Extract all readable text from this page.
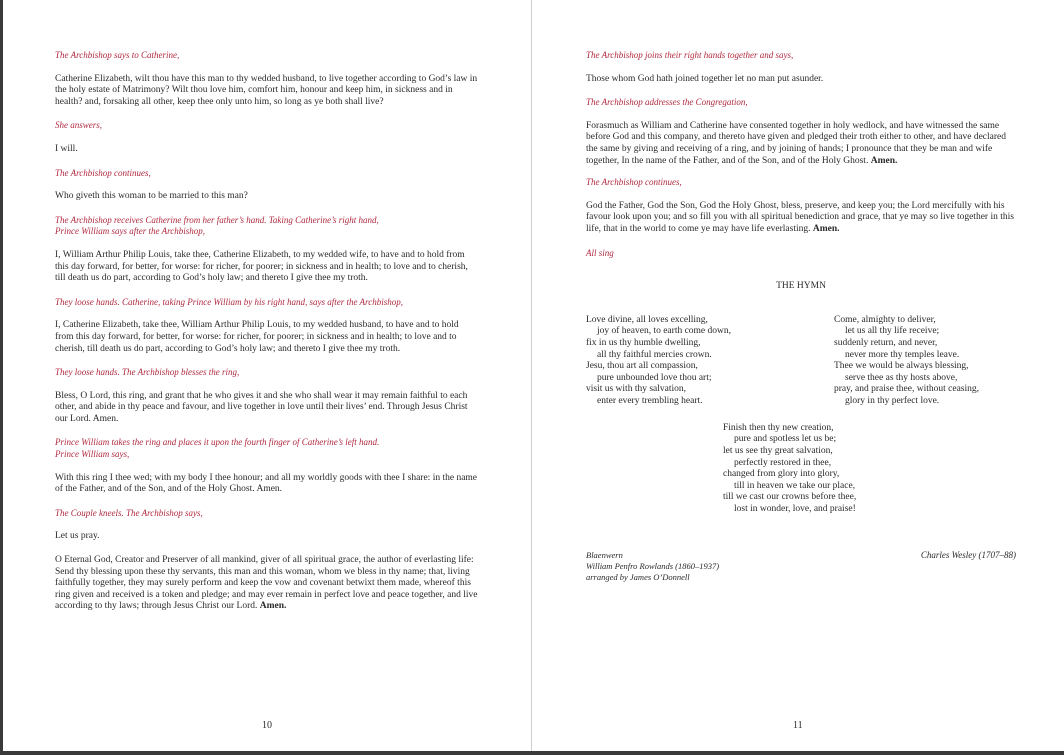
The Archbishop says to Catherine,

Catherine Elizabeth, wilt thou have this man to thy wedded husband, to live together according to God’s law in the holy estate of Matrimony? Wilt thou love him, comfort him, honour and keep him, in sickness and in health? and, forsaking all other, keep thee only unto him, so long as ye both shall live?

She answers,

I will.

The Archbishop continues,

Who giveth this woman to be married to this man?

The Archbishop receives Catherine from her father’s hand. Taking Catherine’s right hand,

Prince William says after the Archbishop,

I, William Arthur Philip Louis, take thee, Catherine Elizabeth, to my wedded wife, to have and to hold from this day forward, for better, for worse: for richer, for poorer; in sickness and in health; to love and to cherish, till death us do part, according to God’s holy law; and thereto I give thee my troth.

They loose hands. Catherine, taking Prince William by his right hand, says after the Archbishop,

I, Catherine Elizabeth, take thee, William Arthur Philip Louis, to my wedded husband, to have and to hold from this day forward, for better, for worse: for richer, for poorer; in sickness and in health; to love and to cherish, till death us do part, according to God’s holy law; and thereto I give thee my troth.

They loose hands. The Archbishop blesses the ring,

Bless, O Lord, this ring, and grant that he who gives it and she who shall wear it may remain faithful to each other, and abide in thy peace and favour, and live together in love until their lives’ end. Through Jesus Christ our Lord. Amen.

Prince William takes the ring and places it upon the fourth finger of Catherine’s left hand.

Prince William says,

With this ring I thee wed; with my body I thee honour; and all my worldly goods with thee I share: in the name of the Father, and of the Son, and of the Holy Ghost. Amen.

The Couple kneels. The Archbishop says,

Let us pray.

O Eternal God, Creator and Preserver of all mankind, giver of all spiritual grace, the author of everlasting life: Send thy blessing upon these thy servants, this man and this woman, whom we bless in thy name; that, living faithfully together, they may surely perform and keep the vow and covenant betwixt them made, whereof this ring given and received is a token and pledge; and may ever remain in perfect love and peace together, and live according to thy laws; through Jesus Christ our Lord. Amen.

10

The Archbishop joins their right hands together and says,

Those whom God hath joined together let no man put asunder.

The Archbishop addresses the Congregation,

Forasmuch as William and Catherine have consented together in holy wedlock, and have witnessed the same before God and this company, and thereto have given and pledged their troth either to other, and have declared the same by giving and receiving of a ring, and by joining of hands; I pronounce that they be man and wife together, In the name of the Father, and of the Son, and of the Holy Ghost. Amen.

The Archbishop continues,

God the Father, God the Son, God the Holy Ghost, bless, preserve, and keep you; the Lord mercifully with his favour look upon you; and so fill you with all spiritual benediction and grace, that ye may so live together in this life, that in the world to come ye may have life everlasting. Amen.

All sing

THE HYMN

Love divine, all loves excelling,
joy of heaven, to earth come down,
fix in us thy humble dwelling,
all thy faithful mercies crown.
Jesu, thou art all compassion,
pure unbounded love thou art;
visit us with thy salvation,
enter every trembling heart.
Come, almighty to deliver,
let us all thy life receive;
suddenly return, and never,
never more thy temples leave.
Thee we would be always blessing,
serve thee as thy hosts above,
pray, and praise thee, without ceasing,
glory in thy perfect love.
Finish then thy new creation,
pure and spotless let us be;
let us see thy great salvation,
perfectly restored in thee,
changed from glory into glory,
till in heaven we take our place,
till we cast our crowns before thee,
lost in wonder, love, and praise!
Blaenwern
William Penfro Rowlands (1860–1937)
arranged by James O’Donnell
Charles Wesley (1707–88)
11
